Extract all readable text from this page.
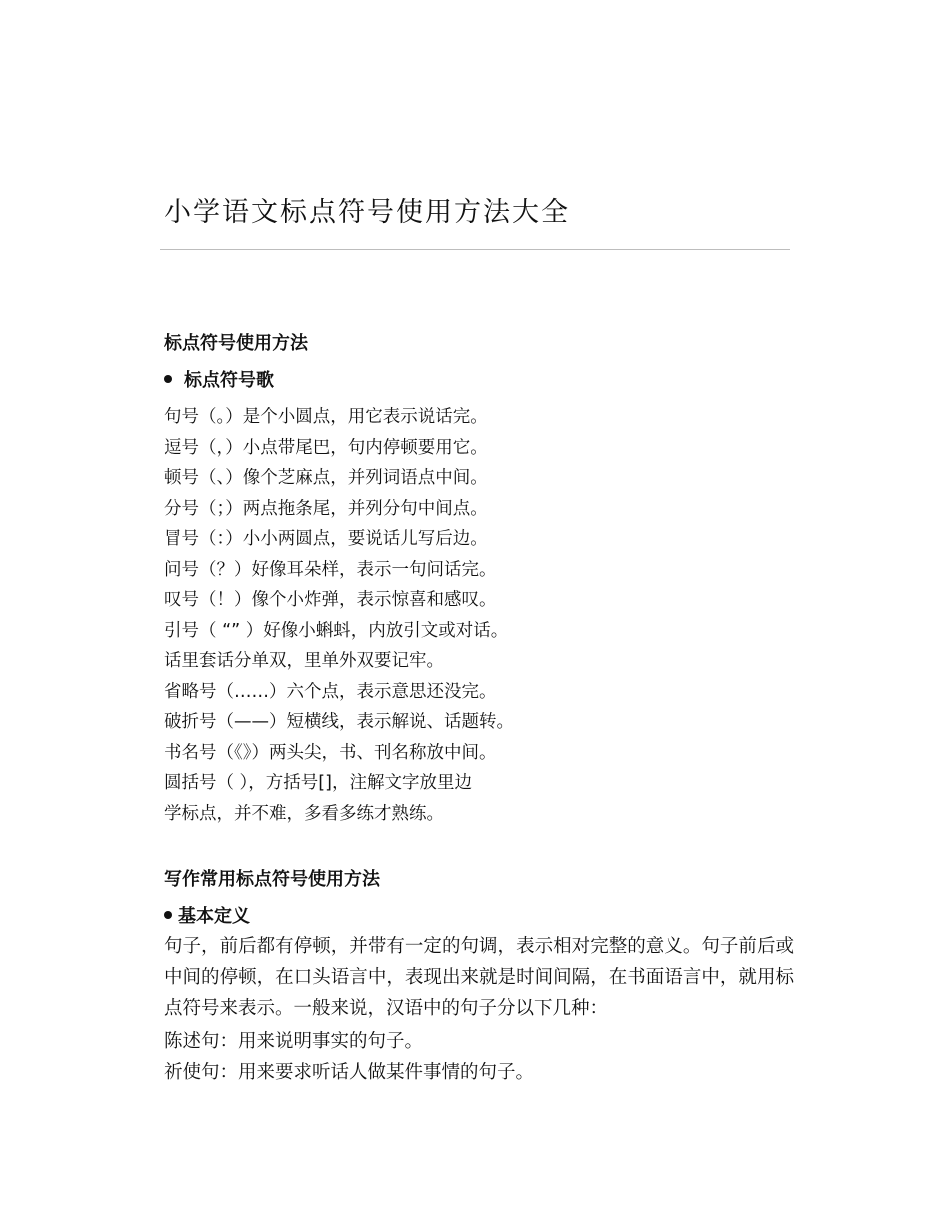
小学语文标点符号使用方法大全
标点符号使用方法
标点符号歌
句号（。）是个小圆点，用它表示说话完。
逗号（，）小点带尾巴，句内停顿要用它。
顿号（、）像个芝麻点，并列词语点中间。
分号（；）两点拖条尾，并列分句中间点。
冒号（：）小小两圆点，要说话儿写后边。
问号（？）好像耳朵样，表示一句问话完。
叹号（！）像个小炸弹，表示惊喜和感叹。
引号（ “” ）好像小蝌蚪，内放引文或对话。
话里套话分单双，里单外双要记牢。
省略号（……）六个点，表示意思还没完。
破折号（——）短横线，表示解说、话题转。
书名号（《》）两头尖，书、刊名称放中间。
圆括号（ ），方括号[]，注解文字放里边
学标点，并不难，多看多练才熟练。
写作常用标点符号使用方法
基本定义
句子，前后都有停顿，并带有一定的句调，表示相对完整的意义。句子前后或中间的停顿，在口头语言中，表现出来就是时间间隔，在书面语言中，就用标点符号来表示。一般来说，汉语中的句子分以下几种：
陈述句：用来说明事实的句子。
祈使句：用来要求听话人做某件事情的句子。
